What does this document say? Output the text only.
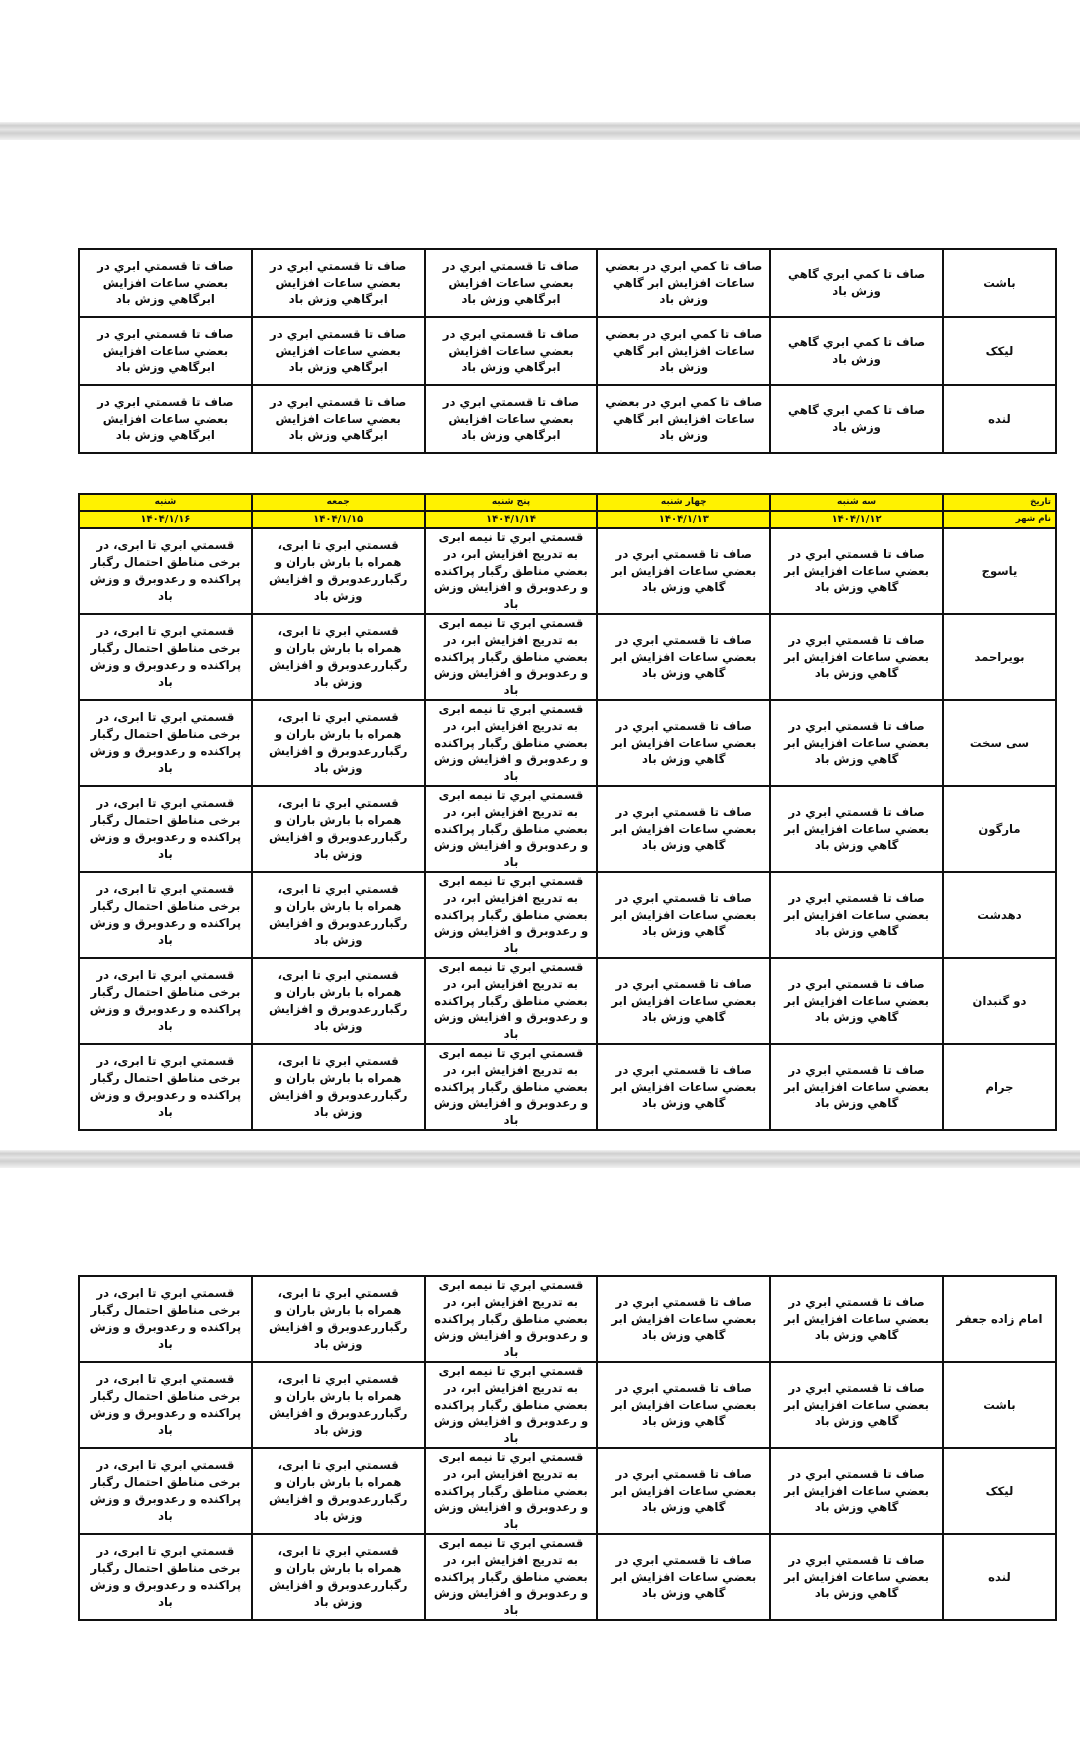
باشت	صاف تا کمي ابري گاهي وزش باد	صاف تا کمي ابري در بعضي ساعات افزايش ابر گاهي وزش باد	صاف تا قسمتي ابري در بعضي ساعات افزايش ابرگاهي وزش باد	صاف تا قسمتي ابري در بعضي ساعات افزايش ابرگاهي وزش باد	صاف تا قسمتي ابري در بعضي ساعات افزايش ابرگاهي وزش باد
لیکک	صاف تا کمي ابري گاهي وزش باد	صاف تا کمي ابري در بعضي ساعات افزايش ابر گاهي وزش باد	صاف تا قسمتي ابري در بعضي ساعات افزايش ابرگاهي وزش باد	صاف تا قسمتي ابري در بعضي ساعات افزايش ابرگاهي وزش باد	صاف تا قسمتي ابري در بعضي ساعات افزايش ابرگاهي وزش باد
لنده	صاف تا کمي ابري گاهي وزش باد	صاف تا کمي ابري در بعضي ساعات افزايش ابر گاهي وزش باد	صاف تا قسمتي ابري در بعضي ساعات افزايش ابرگاهي وزش باد	صاف تا قسمتي ابري در بعضي ساعات افزايش ابرگاهي وزش باد	صاف تا قسمتي ابري در بعضي ساعات افزايش ابرگاهي وزش باد
تاریخ	سه شنبه	چهار شنبه	پنج شنبه	جمعه	شنبه

نام شهر	۱۴۰۴/۱/۱۲	۱۴۰۴/۱/۱۳	۱۴۰۴/۱/۱۴	۱۴۰۴/۱/۱۵	۱۴۰۴/۱/۱۶
یاسوج	صاف تا قسمتي ابري در بعضي ساعات افزايش ابر گاهي وزش باد	صاف تا قسمتي ابري در بعضي ساعات افزايش ابر گاهي وزش باد	قسمتي ابري تا نيمه ابری به تدريج افزايش ابر، در بعضي مناطق رگبار پراکنده و رعدوبرق و افزايش وزش باد	قسمتي ابري تا ابری، همراه با بارش باران و رگباررعدوبرق و افزايش وزش باد	قسمتي ابري تا ابری، در برخی مناطق احتمال رگبار پراکنده و رعدوبرق و وزش باد
بویراحمد	صاف تا قسمتي ابري در بعضي ساعات افزايش ابر گاهي وزش باد	صاف تا قسمتي ابري در بعضي ساعات افزايش ابر گاهي وزش باد	قسمتي ابري تا نيمه ابری به تدريج افزايش ابر، در بعضي مناطق رگبار پراکنده و رعدوبرق و افزايش وزش باد	قسمتي ابري تا ابری، همراه با بارش باران و رگباررعدوبرق و افزايش وزش باد	قسمتي ابري تا ابری، در برخی مناطق احتمال رگبار پراکنده و رعدوبرق و وزش باد
سی سخت	صاف تا قسمتي ابري در بعضي ساعات افزايش ابر گاهي وزش باد	صاف تا قسمتي ابري در بعضي ساعات افزايش ابر گاهي وزش باد	قسمتي ابري تا نيمه ابری به تدريج افزايش ابر، در بعضي مناطق رگبار پراکنده و رعدوبرق و افزايش وزش باد	قسمتي ابري تا ابری، همراه با بارش باران و رگباررعدوبرق و افزايش وزش باد	قسمتي ابري تا ابری، در برخی مناطق احتمال رگبار پراکنده و رعدوبرق و وزش باد
مارگون	صاف تا قسمتي ابري در بعضي ساعات افزايش ابر گاهي وزش باد	صاف تا قسمتي ابري در بعضي ساعات افزايش ابر گاهي وزش باد	قسمتي ابري تا نيمه ابری به تدريج افزايش ابر، در بعضي مناطق رگبار پراکنده و رعدوبرق و افزايش وزش باد	قسمتي ابري تا ابری، همراه با بارش باران و رگباررعدوبرق و افزايش وزش باد	قسمتي ابري تا ابری، در برخی مناطق احتمال رگبار پراکنده و رعدوبرق و وزش باد
دهدشت	صاف تا قسمتي ابري در بعضي ساعات افزايش ابر گاهي وزش باد	صاف تا قسمتي ابري در بعضي ساعات افزايش ابر گاهي وزش باد	قسمتي ابري تا نيمه ابری به تدريج افزايش ابر، در بعضي مناطق رگبار پراکنده و رعدوبرق و افزايش وزش باد	قسمتي ابري تا ابری، همراه با بارش باران و رگباررعدوبرق و افزايش وزش باد	قسمتي ابري تا ابری، در برخی مناطق احتمال رگبار پراکنده و رعدوبرق و وزش باد
دو گنبدان	صاف تا قسمتي ابري در بعضي ساعات افزايش ابر گاهي وزش باد	صاف تا قسمتي ابري در بعضي ساعات افزايش ابر گاهي وزش باد	قسمتي ابري تا نيمه ابری به تدريج افزايش ابر، در بعضي مناطق رگبار پراکنده و رعدوبرق و افزايش وزش باد	قسمتي ابري تا ابری، همراه با بارش باران و رگباررعدوبرق و افزايش وزش باد	قسمتي ابري تا ابری، در برخی مناطق احتمال رگبار پراکنده و رعدوبرق و وزش باد
جرام	صاف تا قسمتي ابري در بعضي ساعات افزايش ابر گاهي وزش باد	صاف تا قسمتي ابري در بعضي ساعات افزايش ابر گاهي وزش باد	قسمتي ابري تا نيمه ابری به تدريج افزايش ابر، در بعضي مناطق رگبار پراکنده و رعدوبرق و افزايش وزش باد	قسمتي ابري تا ابری، همراه با بارش باران و رگباررعدوبرق و افزايش وزش باد	قسمتي ابري تا ابری، در برخی مناطق احتمال رگبار پراکنده و رعدوبرق و وزش باد
امام زاده جعفر	صاف تا قسمتي ابري در بعضي ساعات افزايش ابر گاهي وزش باد	صاف تا قسمتي ابري در بعضي ساعات افزايش ابر گاهي وزش باد	قسمتي ابري تا نيمه ابری به تدريج افزايش ابر، در بعضي مناطق رگبار پراکنده و رعدوبرق و افزايش وزش باد	قسمتي ابري تا ابری، همراه با بارش باران و رگباررعدوبرق و افزايش وزش باد	قسمتي ابري تا ابری، در برخی مناطق احتمال رگبار پراکنده و رعدوبرق و وزش باد
باشت	صاف تا قسمتي ابري در بعضي ساعات افزايش ابر گاهي وزش باد	صاف تا قسمتي ابري در بعضي ساعات افزايش ابر گاهي وزش باد	قسمتي ابري تا نيمه ابری به تدريج افزايش ابر، در بعضي مناطق رگبار پراکنده و رعدوبرق و افزايش وزش باد	قسمتي ابري تا ابری، همراه با بارش باران و رگباررعدوبرق و افزايش وزش باد	قسمتي ابري تا ابری، در برخی مناطق احتمال رگبار پراکنده و رعدوبرق و وزش باد
لیکک	صاف تا قسمتي ابري در بعضي ساعات افزايش ابر گاهي وزش باد	صاف تا قسمتي ابري در بعضي ساعات افزايش ابر گاهي وزش باد	قسمتي ابري تا نيمه ابری به تدريج افزايش ابر، در بعضي مناطق رگبار پراکنده و رعدوبرق و افزايش وزش باد	قسمتي ابري تا ابری، همراه با بارش باران و رگباررعدوبرق و افزايش وزش باد	قسمتي ابري تا ابری، در برخی مناطق احتمال رگبار پراکنده و رعدوبرق و وزش باد
لنده	صاف تا قسمتي ابري در بعضي ساعات افزايش ابر گاهي وزش باد	صاف تا قسمتي ابري در بعضي ساعات افزايش ابر گاهي وزش باد	قسمتي ابري تا نيمه ابری به تدريج افزايش ابر، در بعضي مناطق رگبار پراکنده و رعدوبرق و افزايش وزش باد	قسمتي ابري تا ابری، همراه با بارش باران و رگباررعدوبرق و افزايش وزش باد	قسمتي ابري تا ابری، در برخی مناطق احتمال رگبار پراکنده و رعدوبرق و وزش باد
